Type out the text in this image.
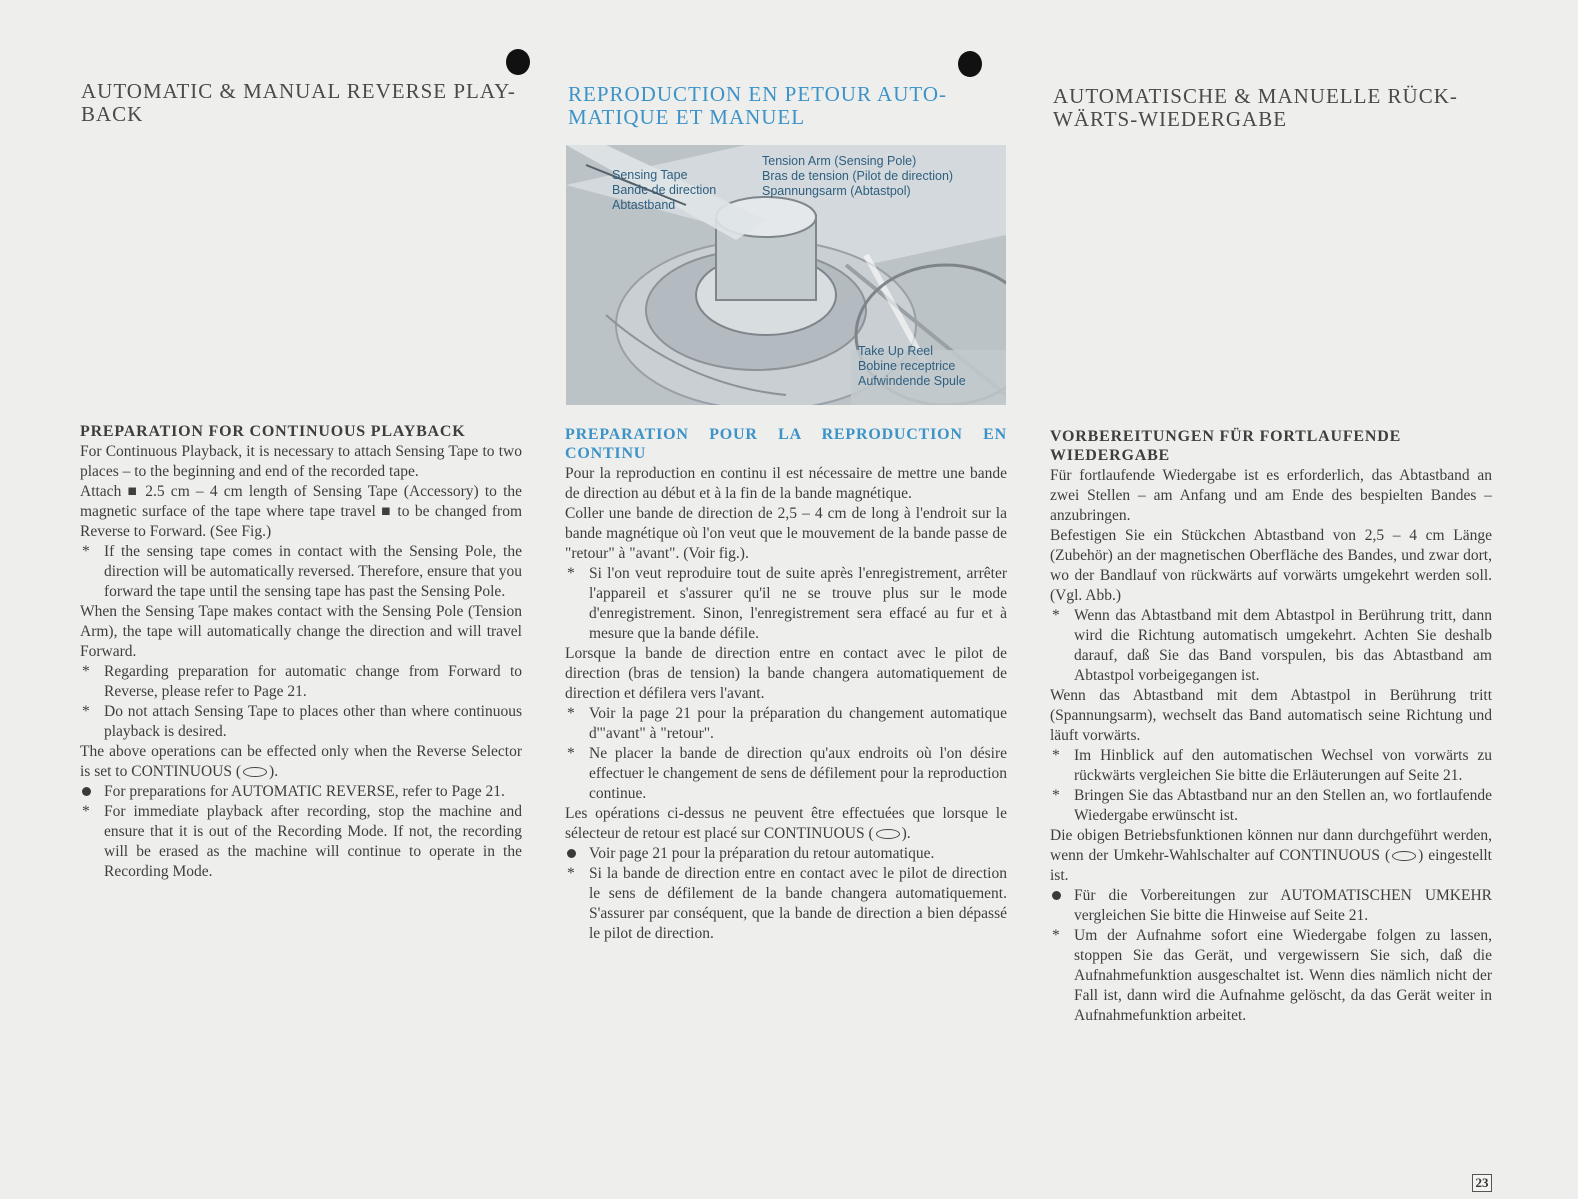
AUTOMATIC & MANUAL REVERSE PLAY-
BACK
REPRODUCTION EN PETOUR AUTO-
MATIQUE ET MANUEL
AUTOMATISCHE & MANUELLE RÜCK-
WÄRTS-WIEDERGABE
Sensing Tape
Bande de direction
Abtastband
Tension Arm (Sensing Pole)
Bras de tension (Pilot de direction)
Spannungsarm (Abtastpol)
Take Up Reel
Bobine receptrice
Aufwindende Spule
PREPARATION FOR CONTINUOUS PLAYBACK

For Continuous Playback, it is necessary to attach Sensing Tape to two places – to the beginning and end of the recorded tape.

Attach ■ 2.5 cm – 4 cm length of Sensing Tape (Accessory) to the magnetic surface of the tape where tape travel ■ to be changed from Reverse to Forward. (See Fig.)

* If the sensing tape comes in contact with the Sensing Pole, the direction will be automatically reversed. Therefore, ensure that you forward the tape until the sensing tape has past the Sensing Pole.

When the Sensing Tape makes contact with the Sensing Pole (Tension Arm), the tape will automatically change the direction and will travel Forward.

* Regarding preparation for automatic change from Forward to Reverse, please refer to Page 21.
* Do not attach Sensing Tape to places other than where continuous playback is desired.

The above operations can be effected only when the Reverse Selector is set to CONTINUOUS ( ).

For preparations for AUTOMATIC REVERSE, refer to Page 21.
* For immediate playback after recording, stop the machine and ensure that it is out of the Recording Mode. If not, the recording will be erased as the machine will continue to operate in the Recording Mode.
PREPARATION POUR LA REPRODUCTION EN CONTINU

Pour la reproduction en continu il est nécessaire de mettre une bande de direction au début et à la fin de la bande magnétique.

Coller une bande de direction de 2,5 – 4 cm de long à l'endroit sur la bande magnétique où l'on veut que le mouvement de la bande passe de "retour" à "avant". (Voir fig.).

* Si l'on veut reproduire tout de suite après l'enregistrement, arrêter l'appareil et s'assurer qu'il ne se trouve plus sur le mode d'enregistrement. Sinon, l'enregistrement sera effacé au fur et à mesure que la bande défile.

Lorsque la bande de direction entre en contact avec le pilot de direction (bras de tension) la bande changera automatiquement de direction et défilera vers l'avant.

* Voir la page 21 pour la préparation du changement automatique d'"avant" à "retour".
* Ne placer la bande de direction qu'aux endroits où l'on désire effectuer le changement de sens de défilement pour la reproduction continue.

Les opérations ci-dessus ne peuvent être effectuées que lorsque le sélecteur de retour est placé sur CONTINUOUS ( ).

Voir page 21 pour la préparation du retour automatique.
* Si la bande de direction entre en contact avec le pilot de direction le sens de défilement de la bande changera automatiquement. S'assurer par conséquent, que la bande de direction a bien dépassé le pilot de direction.
VORBEREITUNGEN FÜR FORTLAUFENDE WIEDERGABE

Für fortlaufende Wiedergabe ist es erforderlich, das Abtastband an zwei Stellen – am Anfang und am Ende des bespielten Bandes – anzubringen.

Befestigen Sie ein Stückchen Abtastband von 2,5 – 4 cm Länge (Zubehör) an der magnetischen Oberfläche des Bandes, und zwar dort, wo der Bandlauf von rückwärts auf vorwärts umgekehrt werden soll. (Vgl. Abb.)

* Wenn das Abtastband mit dem Abtastpol in Berührung tritt, dann wird die Richtung automatisch umgekehrt. Achten Sie deshalb darauf, daß Sie das Band vorspulen, bis das Abtastband am Abtastpol vorbeigegangen ist.

Wenn das Abtastband mit dem Abtastpol in Berührung tritt (Spannungsarm), wechselt das Band automatisch seine Richtung und läuft vorwärts.

* Im Hinblick auf den automatischen Wechsel von vorwärts zu rückwärts vergleichen Sie bitte die Erläuterungen auf Seite 21.
* Bringen Sie das Abtastband nur an den Stellen an, wo fortlaufende Wiedergabe erwünscht ist.

Die obigen Betriebsfunktionen können nur dann durchgeführt werden, wenn der Umkehr-Wahlschalter auf CONTINUOUS ( ) eingestellt ist.

Für die Vorbereitungen zur AUTOMATISCHEN UMKEHR vergleichen Sie bitte die Hinweise auf Seite 21.
* Um der Aufnahme sofort eine Wiedergabe folgen zu lassen, stoppen Sie das Gerät, und vergewissern Sie sich, daß die Aufnahmefunktion ausgeschaltet ist. Wenn dies nämlich nicht der Fall ist, dann wird die Aufnahme gelöscht, da das Gerät weiter in Aufnahmefunktion arbeitet.
23
